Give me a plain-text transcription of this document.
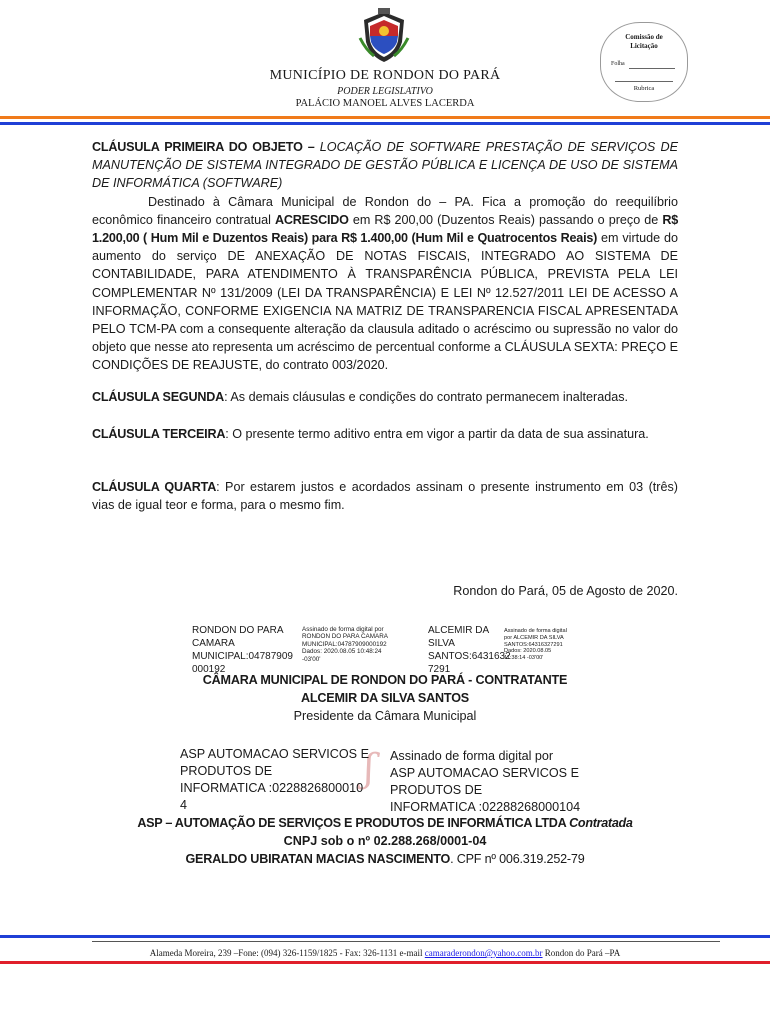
MUNICÍPIO DE RONDON DO PARÁ
PODER LEGISLATIVO
PALÁCIO MANOEL ALVES LACERDA
Comissão de
Licitação
Folha
Rubrica
CLÁUSULA PRIMEIRA DO OBJETO – LOCAÇÃO DE SOFTWARE PRESTAÇÃO DE SERVIÇOS DE MANUTENÇÃO DE SISTEMA INTEGRADO DE GESTÃO PÚBLICA E LICENÇA DE USO DE SISTEMA DE INFORMÁTICA (SOFTWARE)
Destinado à Câmara Municipal de Rondon do – PA. Fica a promoção do reequilíbrio econômico financeiro contratual ACRESCIDO em R$ 200,00 (Duzentos Reais) passando o preço de R$ 1.200,00 ( Hum Mil e Duzentos Reais) para R$ 1.400,00 (Hum Mil e Quatrocentos Reais) em virtude do aumento do serviço DE ANEXAÇÃO DE NOTAS FISCAIS, INTEGRADO AO SISTEMA DE CONTABILIDADE, PARA ATENDIMENTO À TRANSPARÊNCIA PÚBLICA, PREVISTA PELA LEI COMPLEMENTAR Nº 131/2009 (LEI DA TRANSPARÊNCIA) E LEI Nº 12.527/2011 LEI DE ACESSO A INFORMAÇÃO, CONFORME EXIGENCIA NA MATRIZ DE TRANSPARENCIA FISCAL APRESENTADA PELO TCM-PA com a consequente alteração da clausula aditado o acréscimo ou supressão no valor do objeto que nesse ato representa um acréscimo de percentual conforme a CLÁUSULA SEXTA: PREÇO E CONDIÇÕES DE REAJUSTE, do contrato 003/2020.
CLÁUSULA SEGUNDA: As demais cláusulas e condições do contrato permanecem inalteradas.
CLÁUSULA TERCEIRA: O presente termo aditivo entra em vigor a partir da data de sua assinatura.
CLÁUSULA QUARTA: Por estarem justos e acordados assinam o presente instrumento em 03 (três) vias de igual teor e forma, para o mesmo fim.
Rondon do Pará, 05 de Agosto de 2020.
RONDON DO PARA
CAMARA
MUNICIPAL:04787909
000192
Assinado de forma digital por
RONDON DO PARA CAMARA
MUNICIPAL:04787909000192
Dados: 2020.08.05 10:48:24
-03'00'
ALCEMIR DA
SILVA
SANTOS:6431632
7291
Assinado de forma digital
por ALCEMIR DA SILVA
SANTOS:64316327291
Dados: 2020.08.05
11:38:14 -03'00'
CÂMARA MUNICIPAL DE RONDON DO PARÁ - CONTRATANTE
ALCEMIR DA SILVA SANTOS
Presidente da Câmara Municipal
ʃ
ASP AUTOMACAO SERVICOS E
PRODUTOS DE
INFORMATICA :0228826800010
4
Assinado de forma digital por
ASP AUTOMACAO SERVICOS E
PRODUTOS DE
INFORMATICA :02288268000104
ASP – AUTOMAÇÃO DE SERVIÇOS E PRODUTOS DE INFORMÁTICA LTDA Contratada
CNPJ sob o nº 02.288.268/0001-04
GERALDO UBIRATAN MACIAS NASCIMENTO. CPF nº 006.319.252-79
Alameda Moreira, 239 –Fone: (094) 326-1159/1825 - Fax: 326-1131 e-mail camaraderondon@yahoo.com.br Rondon do Pará –PA
